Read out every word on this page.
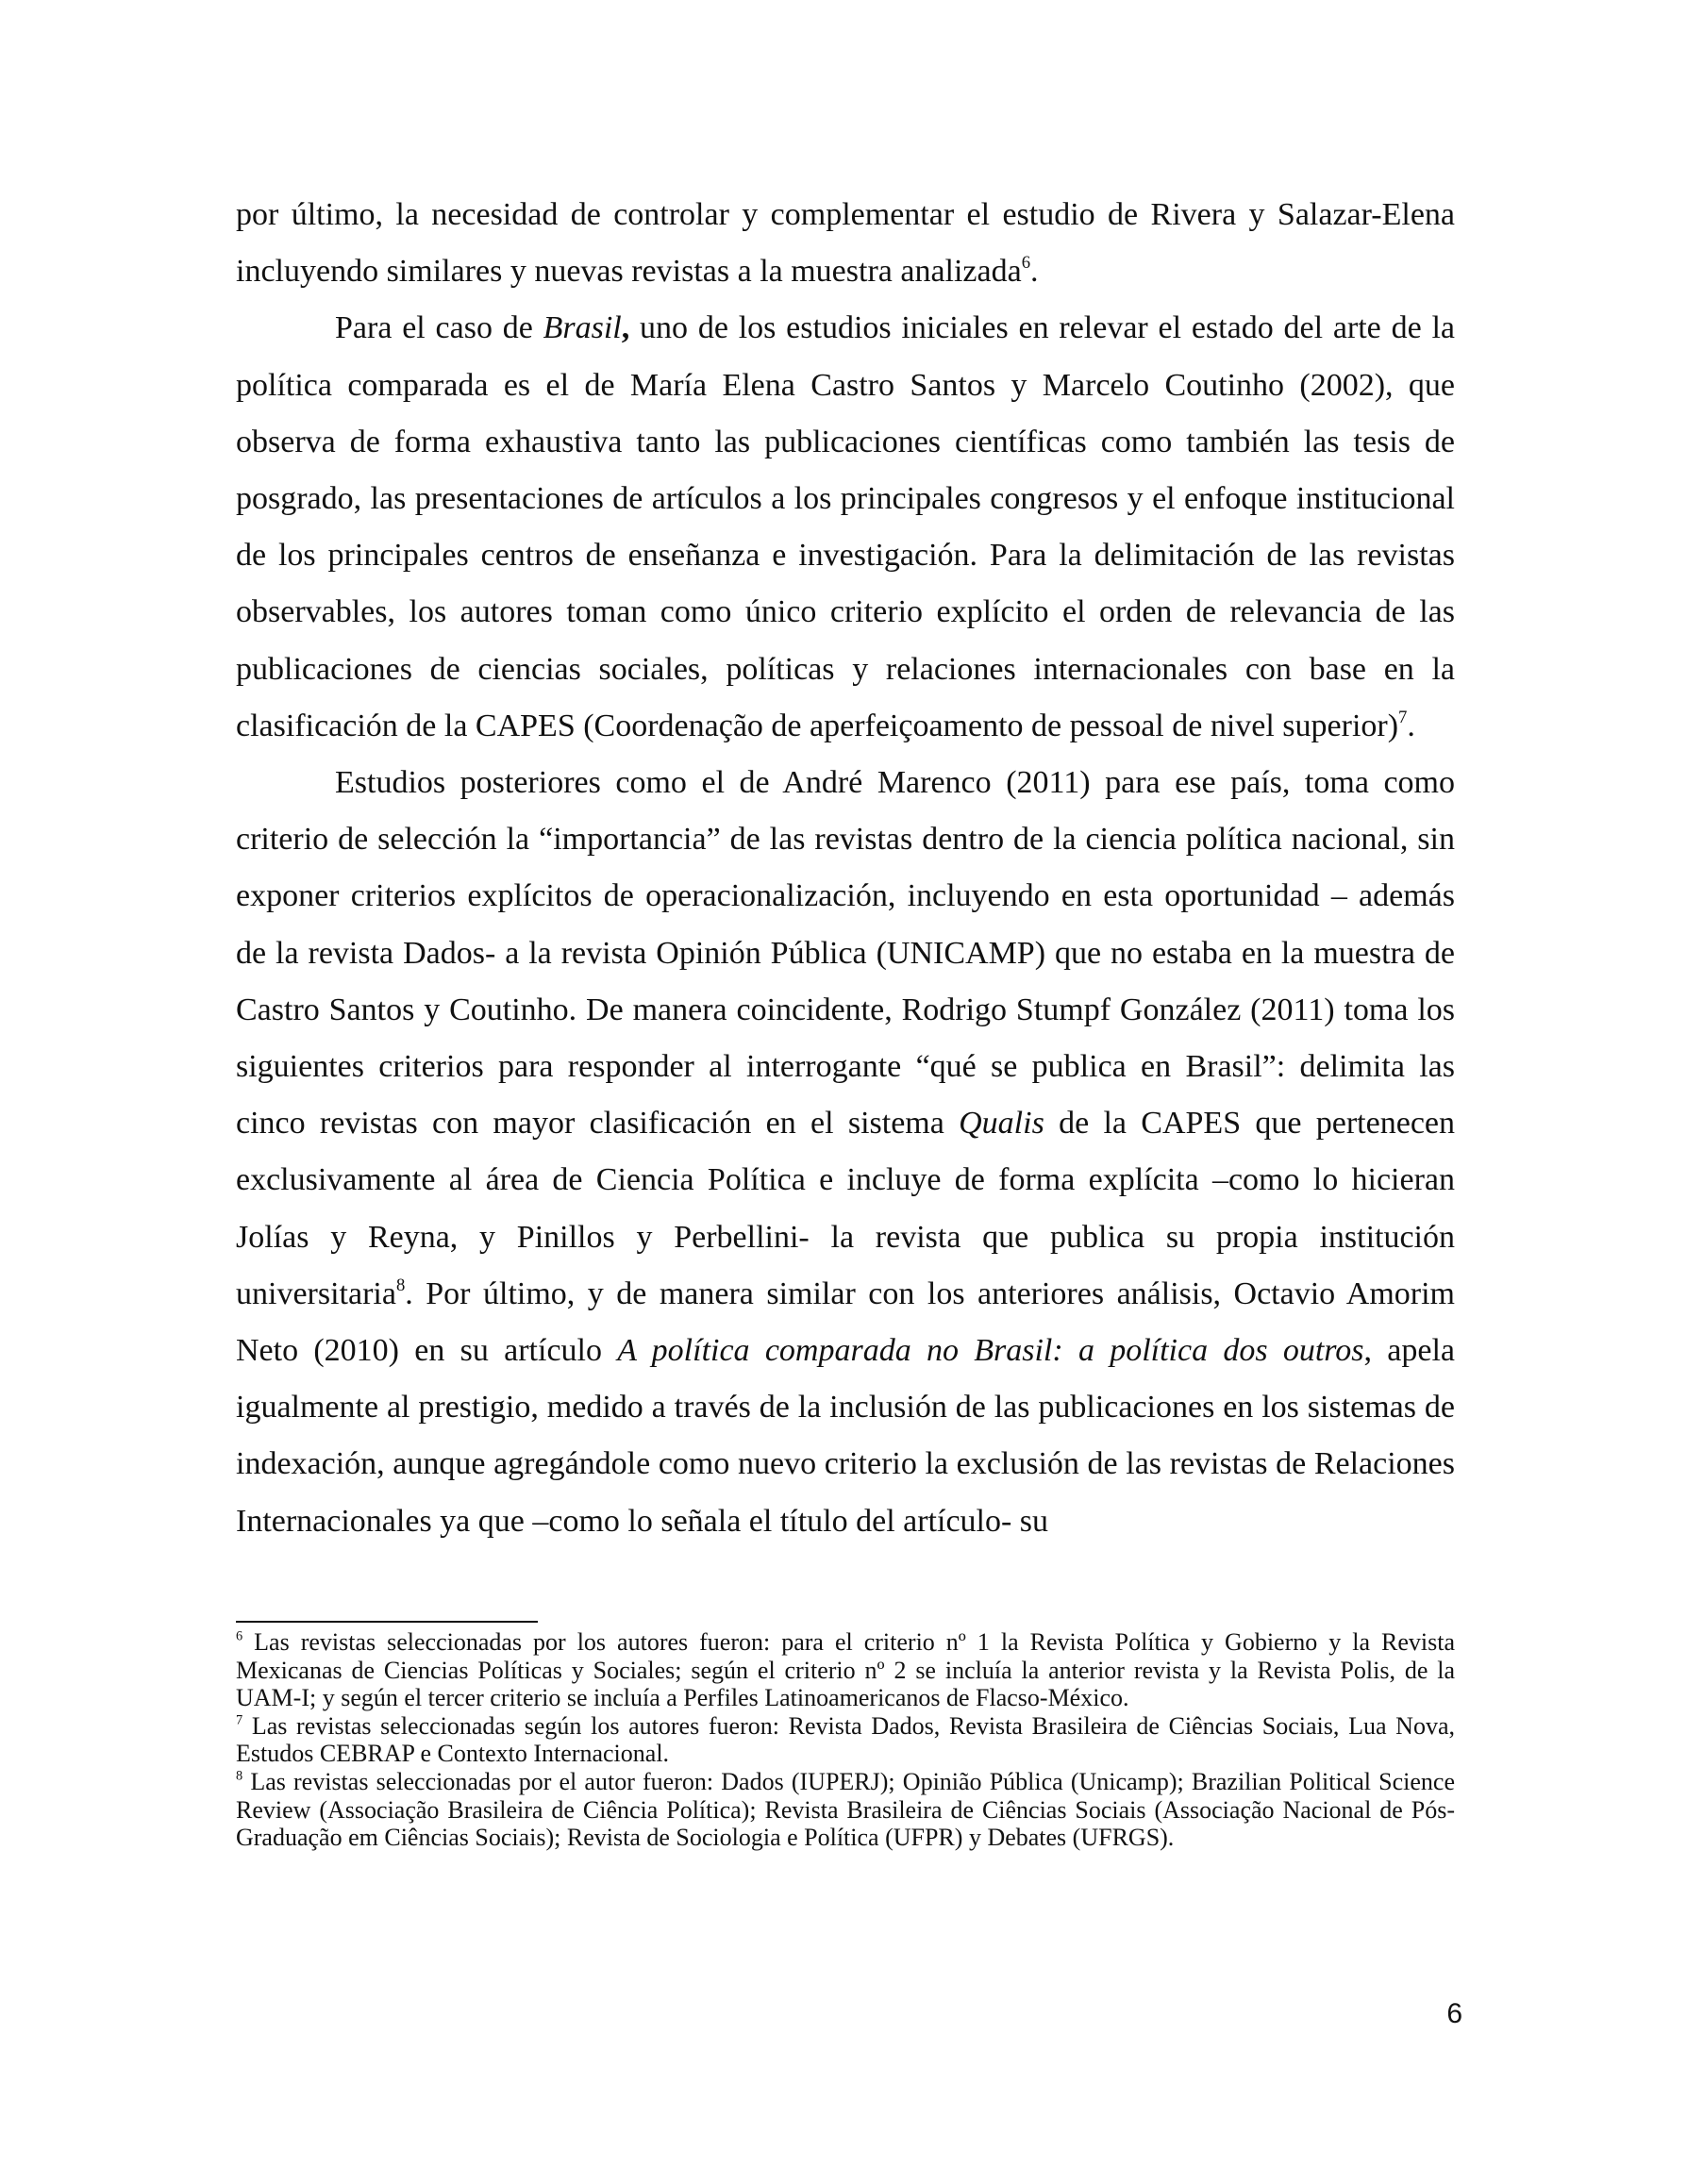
por último, la necesidad de controlar y complementar el estudio de Rivera y Salazar-Elena incluyendo similares y nuevas revistas a la muestra analizada$^6$.

Para el caso de Brasil, uno de los estudios iniciales en relevar el estado del arte de la política comparada es el de María Elena Castro Santos y Marcelo Coutinho (2002), que observa de forma exhaustiva tanto las publicaciones científicas como también las tesis de posgrado, las presentaciones de artículos a los principales congresos y el enfoque institucional de los principales centros de enseñanza e investigación. Para la delimitación de las revistas observables, los autores toman como único criterio explícito el orden de relevancia de las publicaciones de ciencias sociales, políticas y relaciones internacionales con base en la clasificación de la CAPES (Coordenação de aperfeiçoamento de pessoal de nivel superior)$^7$.

Estudios posteriores como el de André Marenco (2011) para ese país, toma como criterio de selección la “importancia” de las revistas dentro de la ciencia política nacional, sin exponer criterios explícitos de operacionalización, incluyendo en esta oportunidad – además de la revista Dados- a la revista Opinión Pública (UNICAMP) que no estaba en la muestra de Castro Santos y Coutinho. De manera coincidente, Rodrigo Stumpf González (2011) toma los siguientes criterios para responder al interrogante “qué se publica en Brasil”: delimita las cinco revistas con mayor clasificación en el sistema Qualis de la CAPES que pertenecen exclusivamente al área de Ciencia Política e incluye de forma explícita –como lo hicieran Jolías y Reyna, y Pinillos y Perbellini- la revista que publica su propia institución universitaria$^8$. Por último, y de manera similar con los anteriores análisis, Octavio Amorim Neto (2010) en su artículo A política comparada no Brasil: a política dos outros, apela igualmente al prestigio, medido a través de la inclusión de las publicaciones en los sistemas de indexación, aunque agregándole como nuevo criterio la exclusión de las revistas de Relaciones Internacionales ya que –como lo señala el título del artículo- su

$^6$ Las revistas seleccionadas por los autores fueron: para el criterio nº 1 la Revista Política y Gobierno y la Revista Mexicanas de Ciencias Políticas y Sociales; según el criterio nº 2 se incluía la anterior revista y la Revista Polis, de la UAM-I; y según el tercer criterio se incluía a Perfiles Latinoamericanos de Flacso-México.

$^7$ Las revistas seleccionadas según los autores fueron: Revista Dados, Revista Brasileira de Ciências Sociais, Lua Nova, Estudos CEBRAP e Contexto Internacional.

$^8$ Las revistas seleccionadas por el autor fueron: Dados (IUPERJ); Opinião Pública (Unicamp); Brazilian Political Science Review (Associação Brasileira de Ciência Política); Revista Brasileira de Ciências Sociais (Associação Nacional de Pós-Graduação em Ciências Sociais); Revista de Sociologia e Política (UFPR) y Debates (UFRGS).

6
